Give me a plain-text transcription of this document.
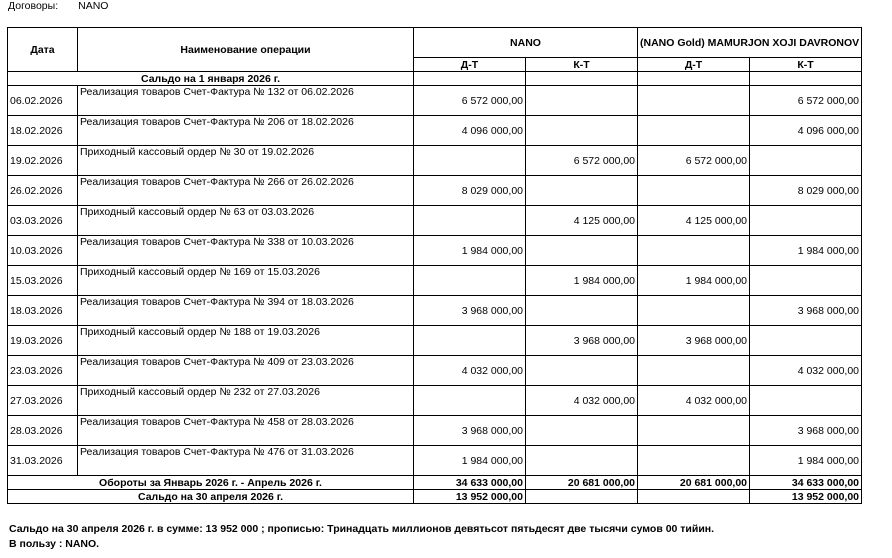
Договоры: NANO
Дата	Наименование операции	NANO		(NANO Gold) MAMURJON XOJI DAVRONOV	
		Д-Т	К-Т	Д-Т	К-Т
Сальдо на 1 января 2026 г.					
06.02.2026	Реализация товаров Счет-Фактура № 132 от 06.02.2026	6 572 000,00			6 572 000,00
18.02.2026	Реализация товаров Счет-Фактура № 206 от 18.02.2026	4 096 000,00			4 096 000,00
19.02.2026	Приходный кассовый ордер № 30 от 19.02.2026		6 572 000,00	6 572 000,00	
26.02.2026	Реализация товаров Счет-Фактура № 266 от 26.02.2026	8 029 000,00			8 029 000,00
03.03.2026	Приходный кассовый ордер № 63 от 03.03.2026		4 125 000,00	4 125 000,00	
10.03.2026	Реализация товаров Счет-Фактура № 338 от 10.03.2026	1 984 000,00			1 984 000,00
15.03.2026	Приходный кассовый ордер № 169 от 15.03.2026		1 984 000,00	1 984 000,00	
18.03.2026	Реализация товаров Счет-Фактура № 394 от 18.03.2026	3 968 000,00			3 968 000,00
19.03.2026	Приходный кассовый ордер № 188 от 19.03.2026		3 968 000,00	3 968 000,00	
23.03.2026	Реализация товаров Счет-Фактура № 409 от 23.03.2026	4 032 000,00			4 032 000,00
27.03.2026	Приходный кассовый ордер № 232 от 27.03.2026		4 032 000,00	4 032 000,00	
28.03.2026	Реализация товаров Счет-Фактура № 458 от 28.03.2026	3 968 000,00			3 968 000,00
31.03.2026	Реализация товаров Счет-Фактура № 476 от 31.03.2026	1 984 000,00			1 984 000,00
Обороты за Январь 2026 г. - Апрель 2026 г.		34 633 000,00	20 681 000,00	20 681 000,00	34 633 000,00
Сальдо на 30 апреля 2026 г.		13 952 000,00			13 952 000,00
Сальдо на 30 апреля 2026 г. в сумме: 13 952 000 ; прописью: Тринадцать миллионов девятьсот пятьдесят две тысячи сумов 00 тийин.
В пользу : NANO.
